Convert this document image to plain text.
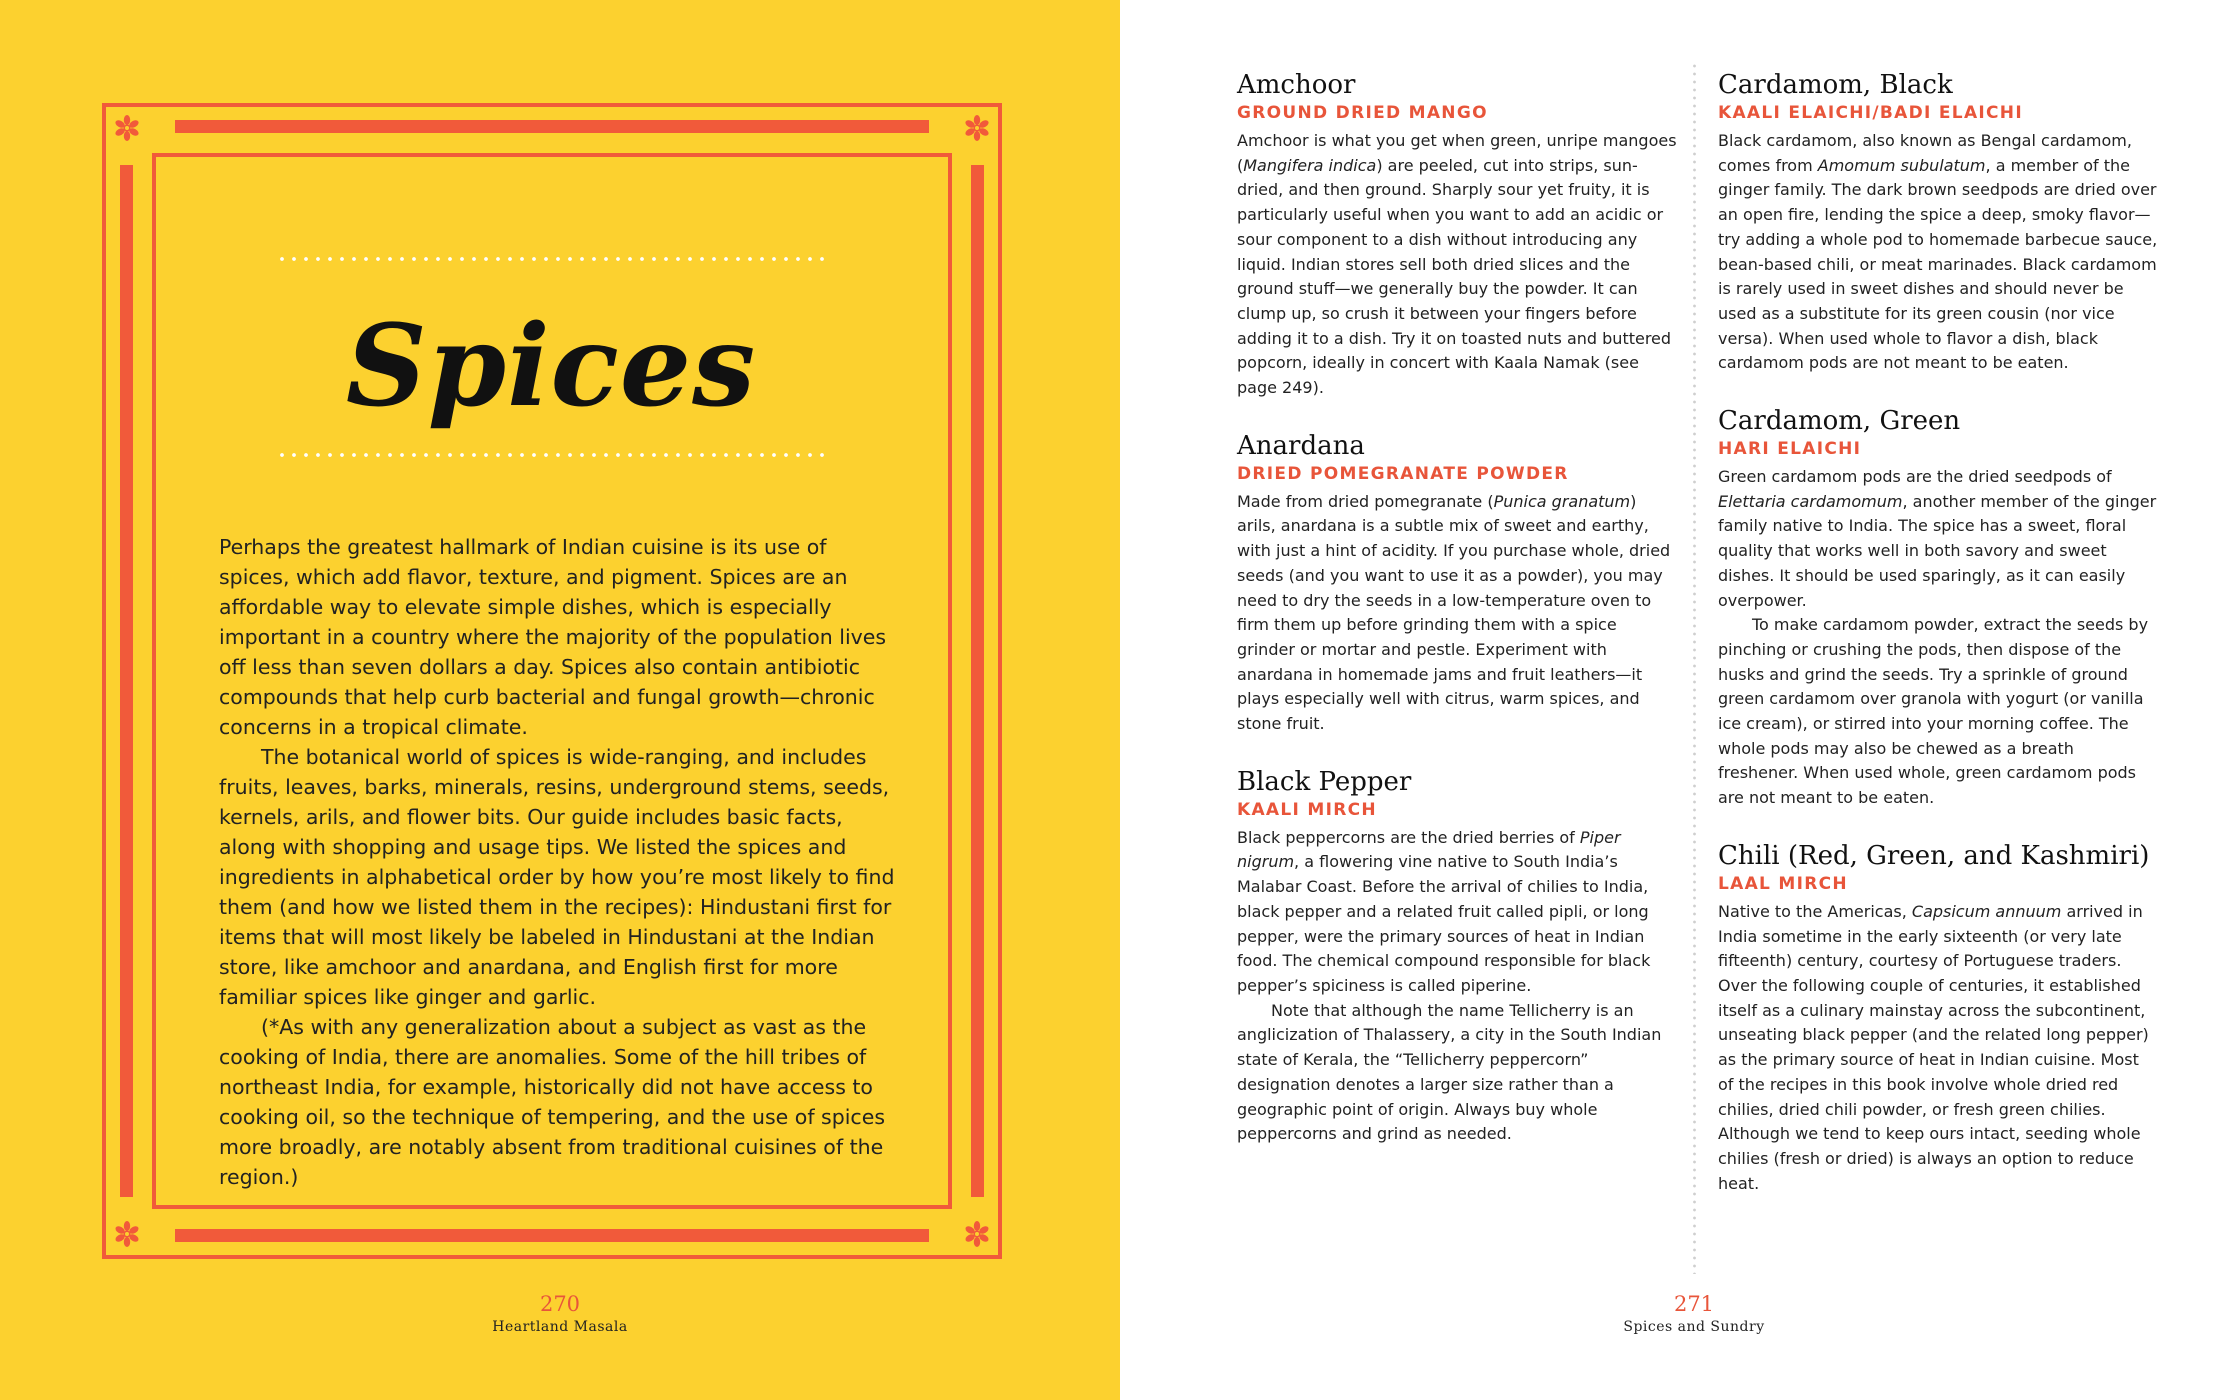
Spices

Perhaps the greatest hallmark of Indian cuisine is its use of spices, which add flavor, texture, and pigment. Spices are an affordable way to elevate simple dishes, which is especially important in a country where the majority of the population lives off less than seven dollars a day. Spices also contain antibiotic compounds that help curb bacterial and fungal growth—chronic concerns in a tropical climate.

The botanical world of spices is wide-ranging, and includes fruits, leaves, barks, minerals, resins, underground stems, seeds, kernels, arils, and flower bits. Our guide includes basic facts, along with shopping and usage tips. We listed the spices and ingredients in alphabetical order by how you’re most likely to find them (and how we listed them in the recipes): Hindustani first for items that will most likely be labeled in Hindustani at the Indian store, like amchoor and anardana, and English first for more familiar spices like ginger and garlic.

(*As with any generalization about a subject as vast as the cooking of India, there are anomalies. Some of the hill tribes of northeast India, for example, historically did not have access to cooking oil, so the technique of tempering, and the use of spices more broadly, are notably absent from traditional cuisines of the region.)

270
Heartland Masala
Amchoor
GROUND DRIED MANGO

Amchoor is what you get when green, unripe mangoes (Mangifera indica) are peeled, cut into strips, sun-dried, and then ground. Sharply sour yet fruity, it is particularly useful when you want to add an acidic or sour component to a dish without introducing any liquid. Indian stores sell both dried slices and the ground stuff—we generally buy the powder. It can clump up, so crush it between your fingers before adding it to a dish. Try it on toasted nuts and buttered popcorn, ideally in concert with Kaala Namak (see page 249).

Anardana
DRIED POMEGRANATE POWDER

Made from dried pomegranate (Punica granatum) arils, anardana is a subtle mix of sweet and earthy, with just a hint of acidity. If you purchase whole, dried seeds (and you want to use it as a powder), you may need to dry the seeds in a low-temperature oven to firm them up before grinding them with a spice grinder or mortar and pestle. Experiment with anardana in homemade jams and fruit leathers—it plays especially well with citrus, warm spices, and stone fruit.

Black Pepper
KAALI MIRCH

Black peppercorns are the dried berries of Piper nigrum, a flowering vine native to South India’s Malabar Coast. Before the arrival of chilies to India, black pepper and a related fruit called pipli, or long pepper, were the primary sources of heat in Indian food. The chemical compound responsible for black pepper’s spiciness is called piperine.

Note that although the name Tellicherry is an anglicization of Thalassery, a city in the South Indian state of Kerala, the “Tellicherry peppercorn” designation denotes a larger size rather than a geographic point of origin. Always buy whole peppercorns and grind as needed.

Cardamom, Black
KAALI ELAICHI/BADI ELAICHI

Black cardamom, also known as Bengal cardamom, comes from Amomum subulatum, a member of the ginger family. The dark brown seedpods are dried over an open fire, lending the spice a deep, smoky flavor—try adding a whole pod to homemade barbecue sauce, bean-based chili, or meat marinades. Black cardamom is rarely used in sweet dishes and should never be used as a substitute for its green cousin (nor vice versa). When used whole to flavor a dish, black cardamom pods are not meant to be eaten.

Cardamom, Green
HARI ELAICHI

Green cardamom pods are the dried seedpods of Elettaria cardamomum, another member of the ginger family native to India. The spice has a sweet, floral quality that works well in both savory and sweet dishes. It should be used sparingly, as it can easily overpower.

To make cardamom powder, extract the seeds by pinching or crushing the pods, then dispose of the husks and grind the seeds. Try a sprinkle of ground green cardamom over granola with yogurt (or vanilla ice cream), or stirred into your morning coffee. The whole pods may also be chewed as a breath freshener. When used whole, green cardamom pods are not meant to be eaten.

Chili (Red, Green, and Kashmiri)
LAAL MIRCH

Native to the Americas, Capsicum annuum arrived in India sometime in the early sixteenth (or very late fifteenth) century, courtesy of Portuguese traders. Over the following couple of centuries, it established itself as a culinary mainstay across the subcontinent, unseating black pepper (and the related long pepper) as the primary source of heat in Indian cuisine. Most of the recipes in this book involve whole dried red chilies, dried chili powder, or fresh green chilies. Although we tend to keep ours intact, seeding whole chilies (fresh or dried) is always an option to reduce heat.

271
Spices and Sundry
